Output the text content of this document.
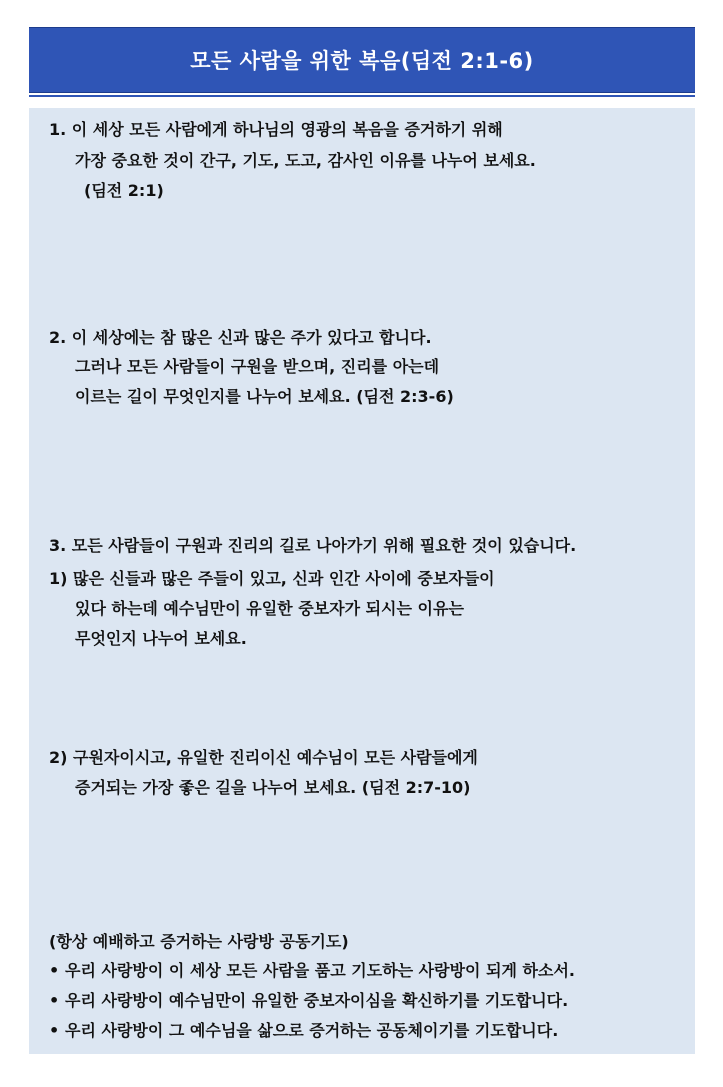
모든 사람을 위한 복음(딤전 2:1-6)
1. 이 세상 모든 사람에게 하나님의 영광의 복음을 증거하기 위해
가장 중요한 것이 간구, 기도, 도고, 감사인 이유를 나누어 보세요.
(딤전 2:1)
2. 이 세상에는 참 많은 신과 많은 주가 있다고 합니다.
그러나 모든 사람들이 구원을 받으며, 진리를 아는데
이르는 길이 무엇인지를 나누어 보세요. (딤전 2:3-6)
3. 모든 사람들이 구원과 진리의 길로 나아가기 위해 필요한 것이 있습니다.
1) 많은 신들과 많은 주들이 있고, 신과 인간 사이에 중보자들이
있다 하는데 예수님만이 유일한 중보자가 되시는 이유는
무엇인지 나누어 보세요.
2) 구원자이시고, 유일한 진리이신 예수님이 모든 사람들에게
증거되는 가장 좋은 길을 나누어 보세요. (딤전 2:7-10)
(항상 예배하고 증거하는 사랑방 공동기도)
• 우리 사랑방이 이 세상 모든 사람을 품고 기도하는 사랑방이 되게 하소서.
• 우리 사랑방이 예수님만이 유일한 중보자이심을 확신하기를 기도합니다.
• 우리 사랑방이 그 예수님을 삶으로 증거하는 공동체이기를 기도합니다.
